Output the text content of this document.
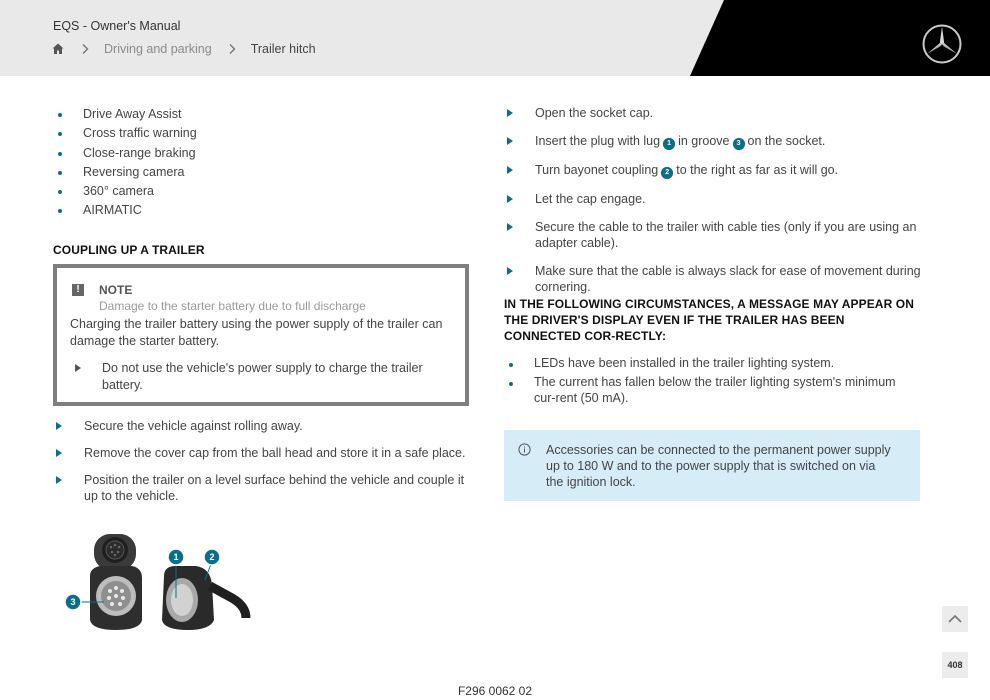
EQS - Owner's Manual
Driving and parking	Trailer hitch
Drive Away Assist
Cross traffic warning
Close-range braking
Reversing camera
360° camera
AIRMATIC
COUPLING UP A TRAILER
!	NOTE
Damage to the starter battery due to full discharge
Charging the trailer battery using the power supply of the trailer can damage the starter battery.
Do not use the vehicle's power supply to charge the trailer battery.
Secure the vehicle against rolling away.
Remove the cover cap from the ball head and store it in a safe place.
Position the trailer on a level surface behind the vehicle and couple it up to the vehicle.
1	2
3
F296 0062 02
Open the socket cap.
Insert the plug with lug 1 in groove 3 on the socket.
Turn bayonet coupling 2 to the right as far as it will go.
Let the cap engage.
Secure the cable to the trailer with cable ties (only if you are using an adapter cable).
Make sure that the cable is always slack for ease of movement during cornering.
IN THE FOLLOWING CIRCUMSTANCES, A MESSAGE MAY APPEAR ON THE DRIVER'S DISPLAY EVEN IF THE TRAILER HAS BEEN CONNECTED COR-RECTLY:
LEDs have been installed in the trailer lighting system.
The current has fallen below the trailer lighting system's minimum cur-rent (50 mA).
Accessories can be connected to the permanent power supply up to 180 W and to the power supply that is switched on via the ignition lock.
408
